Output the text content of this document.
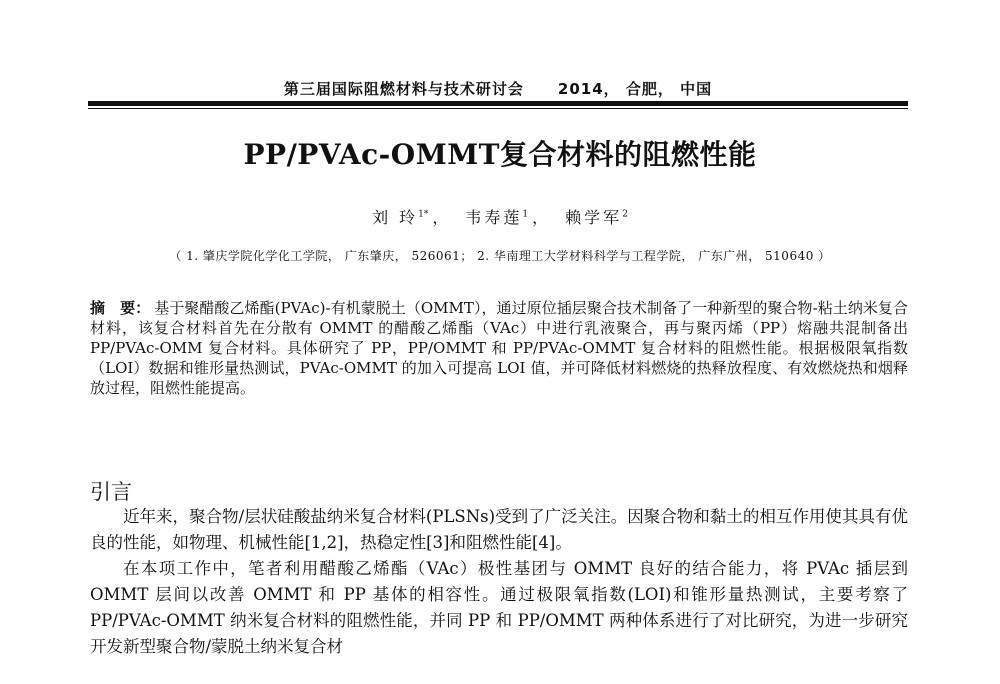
第三届国际阻燃材料与技术研讨会 2014， 合肥， 中国
PP/PVAc-OMMT复合材料的阻燃性能
刘 玲$^{1*}$ ， 韦寿莲$^1$ ， 赖学军$^2$
（ 1. 肇庆学院化学化工学院， 广东肇庆， 526061； 2. 华南理工大学材料科学与工程学院， 广东广州， 510640 ）
摘　要： 基于聚醋酸乙烯酯(PVAc)-有机蒙脱土（OMMT），通过原位插层聚合技术制备了一种新型的聚合物-粘土纳米复合材料，该复合材料首先在分散有 OMMT 的醋酸乙烯酯（VAc）中进行乳液聚合，再与聚丙烯（PP）熔融共混制备出 PP/PVAc-OMM 复合材料。具体研究了 PP，PP/OMMT 和 PP/PVAc-OMMT 复合材料的阻燃性能。根据极限氧指数（LOI）数据和锥形量热测试，PVAc-OMMT 的加入可提高 LOI 值，并可降低材料燃烧的热释放程度、有效燃烧热和烟释放过程，阻燃性能提高。
引言

近年来，聚合物/层状硅酸盐纳米复合材料(PLSNs)受到了广泛关注。因聚合物和黏土的相互作用使其具有优良的性能，如物理、机械性能[1,2]，热稳定性[3]和阻燃性能[4]。

在本项工作中，笔者利用醋酸乙烯酯（VAc）极性基团与 OMMT 良好的结合能力，将 PVAc 插层到 OMMT 层间以改善 OMMT 和 PP 基体的相容性。通过极限氧指数(LOI)和锥形量热测试，主要考察了 PP/PVAc-OMMT 纳米复合材料的阻燃性能，并同 PP 和 PP/OMMT 两种体系进行了对比研究，为进一步研究开发新型聚合物/蒙脱土纳米复合材
